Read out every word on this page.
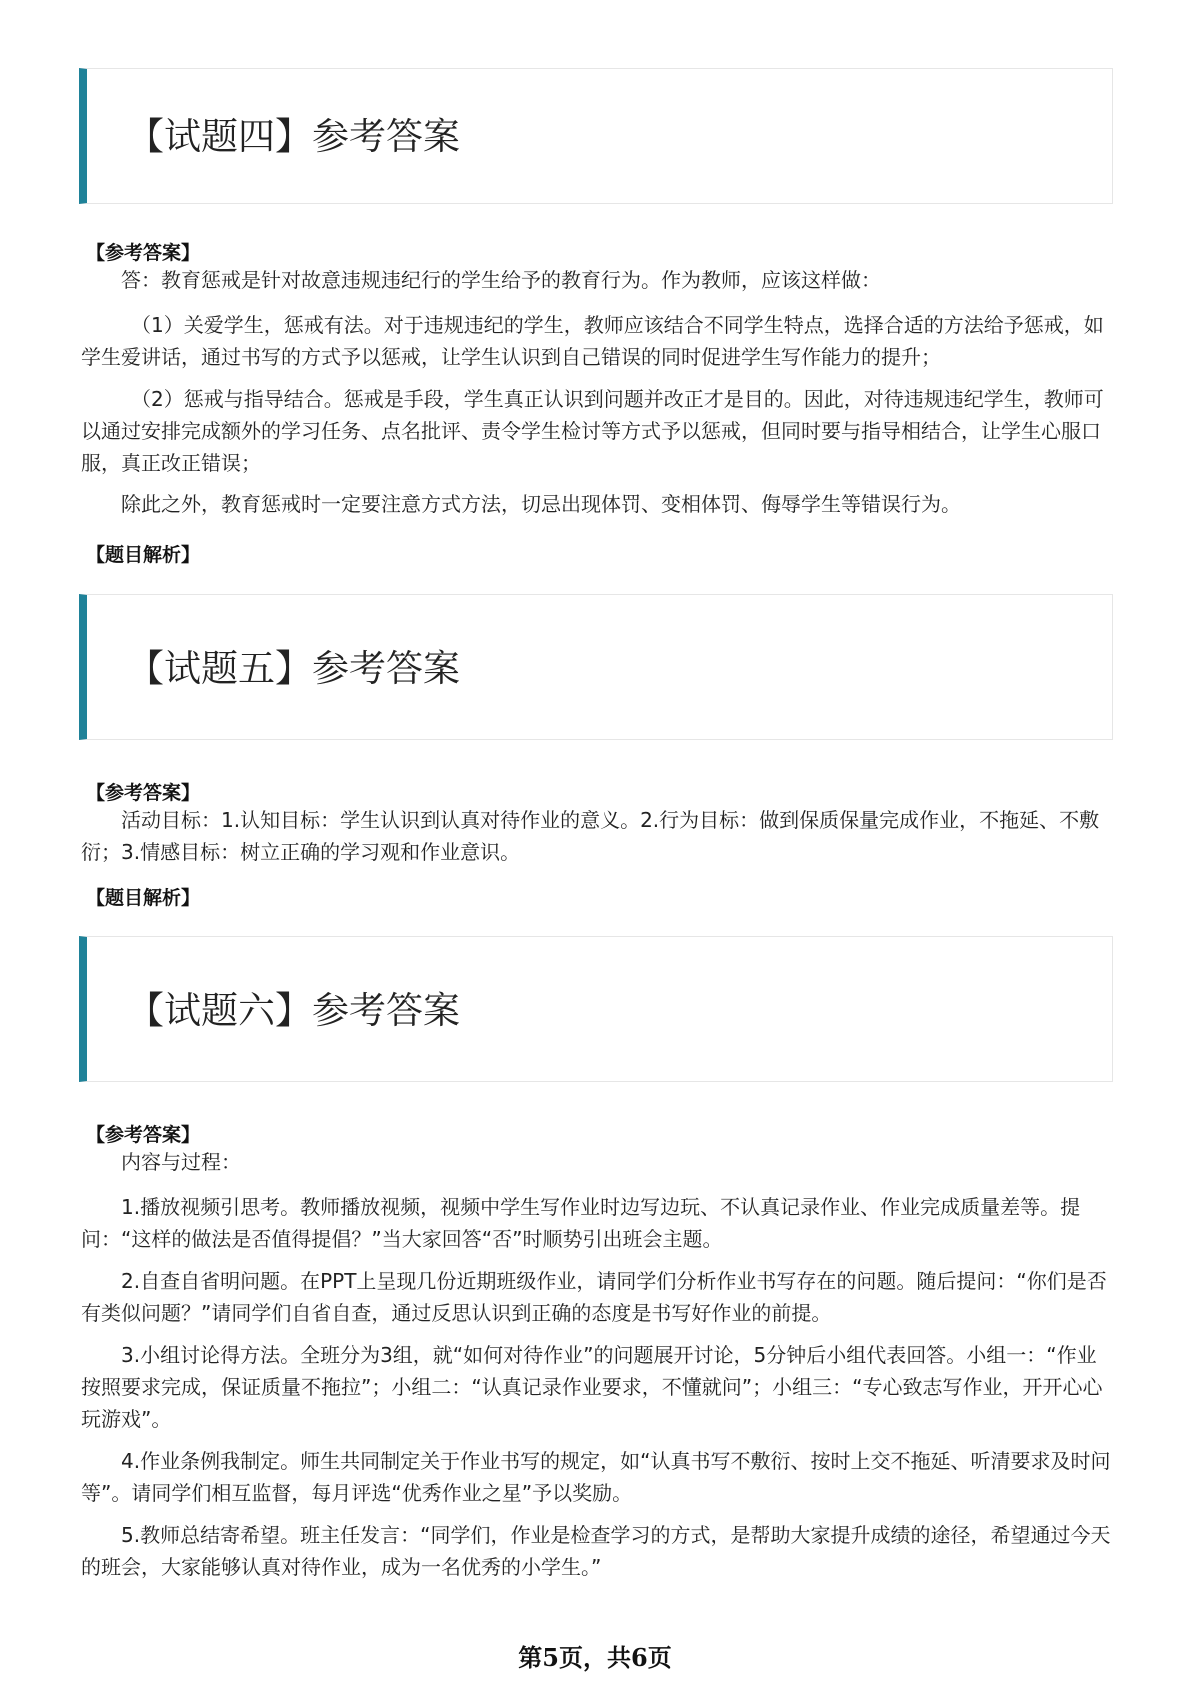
【试题四】参考答案
【参考答案】

答：教育惩戒是针对故意违规违纪行的学生给予的教育行为。作为教师，应该这样做：

（1）关爱学生，惩戒有法。对于违规违纪的学生，教师应该结合不同学生特点，选择合适的方法给予惩戒，如学生爱讲话，通过书写的方式予以惩戒，让学生认识到自己错误的同时促进学生写作能力的提升；

（2）惩戒与指导结合。惩戒是手段，学生真正认识到问题并改正才是目的。因此，对待违规违纪学生，教师可以通过安排完成额外的学习任务、点名批评、责令学生检讨等方式予以惩戒，但同时要与指导相结合，让学生心服口服，真正改正错误；

除此之外，教育惩戒时一定要注意方式方法，切忌出现体罚、变相体罚、侮辱学生等错误行为。

【题目解析】
【试题五】参考答案
【参考答案】

活动目标：1.认知目标：学生认识到认真对待作业的意义。2.行为目标：做到保质保量完成作业，不拖延、不敷衍；3.情感目标：树立正确的学习观和作业意识。

【题目解析】
【试题六】参考答案
【参考答案】

内容与过程：

1.播放视频引思考。教师播放视频，视频中学生写作业时边写边玩、不认真记录作业、作业完成质量差等。提问：“这样的做法是否值得提倡？”当大家回答“否”时顺势引出班会主题。

2.自查自省明问题。在PPT上呈现几份近期班级作业，请同学们分析作业书写存在的问题。随后提问：“你们是否有类似问题？”请同学们自省自查，通过反思认识到正确的态度是书写好作业的前提。

3.小组讨论得方法。全班分为3组，就“如何对待作业”的问题展开讨论，5分钟后小组代表回答。小组一：“作业按照要求完成，保证质量不拖拉”；小组二：“认真记录作业要求，不懂就问”；小组三：“专心致志写作业，开开心心玩游戏”。

4.作业条例我制定。师生共同制定关于作业书写的规定，如“认真书写不敷衍、按时上交不拖延、听清要求及时问等”。请同学们相互监督，每月评选“优秀作业之星”予以奖励。

5.教师总结寄希望。班主任发言：“同学们，作业是检查学习的方式，是帮助大家提升成绩的途径，希望通过今天的班会，大家能够认真对待作业，成为一名优秀的小学生。”

第5页，共6页
